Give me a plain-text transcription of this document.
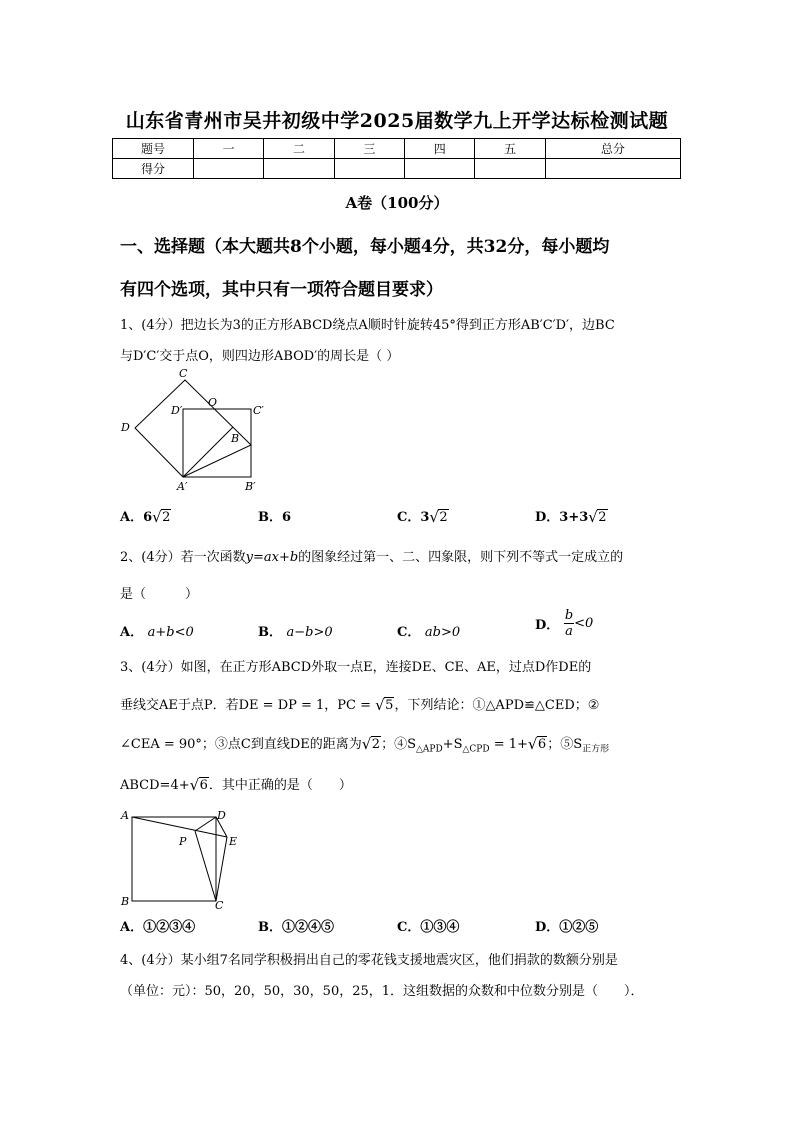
山东省青州市吴井初级中学2025届数学九上开学达标检测试题
题号	一	二	三	四	五	总分
得分						
A卷（100分）
一、选择题（本大题共8个小题，每小题4分，共32分，每小题均
有四个选项，其中只有一项符合题目要求）
1、(4分）把边长为3的正方形ABCD绕点A顺时针旋转45°得到正方形AB′C′D′，边BC
与D′C′交于点O，则四边形ABOD′的周长是（ ）
C
D′
O
C′
D
B
A′	B′
A．6 √ 2	B．6	C．3 √ 2	D．3+3 √ 2
2、(4分）若一次函数y=ax+b的图象经过第一、二、四象限，则下列不等式一定成立的
是（　　　）
A． a+b<0	B． a−b>0	C． ab>0	D． $\frac{b}{a} <0$
3、(4分）如图，在正方形ABCD外取一点E，连接DE、CE、AE，过点D作DE的
垂线交AE于点P．若DE = DP = 1，PC = √ 5，下列结论：①△APD≌△CED；②
∠CEA = 90°；③点C到直线DE的距离为 √ 2；$④S_{\triangle APD}+S_{\triangle CPD} = 1+$ √ 6；$⑤S_{正方形}$
ABCD=4+ √ 6．其中正确的是（　　）
A	D
P	E
B	C
A．①②③④	B．①②④⑤	C．①③④	D．①②⑤
4、(4分）某小组7名同学积极捐出自己的零花钱支援地震灾区，他们捐款的数额分别是
（单位：元）：50，20，50，30，50，25，1．这组数据的众数和中位数分别是（　　）．
